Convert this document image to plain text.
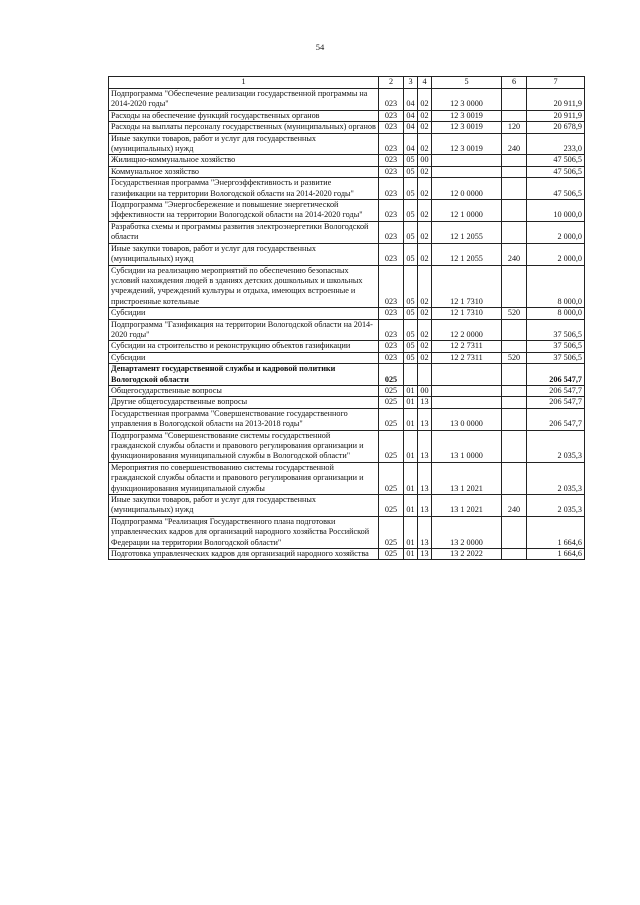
54
1	2	3	4	5	6	7
Подпрограмма "Обеспечение реализации государственной программы на 2014-2020 годы"	023	04	02	12 3 0000		20 911,9
Расходы на обеспечение функций государственных органов	023	04	02	12 3 0019		20 911,9
Расходы на выплаты персоналу государственных (муниципальных) органов	023	04	02	12 3 0019	120	20 678,9
Иные закупки товаров, работ и услуг для государственных (муниципальных) нужд	023	04	02	12 3 0019	240	233,0
Жилищно-коммунальное хозяйство	023	05	00			47 506,5
Коммунальное хозяйство	023	05	02			47 506,5
Государственная программа "Энергоэффективность и развитие газификации на территории Вологодской области на 2014-2020 годы"	023	05	02	12 0 0000		47 506,5
Подпрограмма "Энергосбережение и повышение энергетической эффективности на территории Вологодской области на 2014-2020 годы"	023	05	02	12 1 0000		10 000,0
Разработка схемы и программы развития электроэнергетики Вологодской области	023	05	02	12 1 2055		2 000,0
Иные закупки товаров, работ и услуг для государственных (муниципальных) нужд	023	05	02	12 1 2055	240	2 000,0
Субсидии на реализацию мероприятий по обеспечению безопасных условий нахождения людей в зданиях детских дошкольных и школьных учреждений, учреждений культуры и отдыха, имеющих встроенные и пристроенные котельные	023	05	02	12 1 7310		8 000,0
Субсидии	023	05	02	12 1 7310	520	8 000,0
Подпрограмма "Газификация на территории Вологодской области на 2014-2020 годы"	023	05	02	12 2 0000		37 506,5
Субсидии на строительство и реконструкцию объектов газификации	023	05	02	12 2 7311		37 506,5
Субсидии	023	05	02	12 2 7311	520	37 506,5
Департамент государственной службы и кадровой политики Вологодской области	025					206 547,7
Общегосударственные вопросы	025	01	00			206 547,7
Другие общегосударственные вопросы	025	01	13			206 547,7
Государственная программа "Совершенствование государственного управления в Вологодской области на 2013-2018 годы"	025	01	13	13 0 0000		206 547,7
Подпрограмма "Совершенствование системы государственной гражданской службы области и правового регулирования организации и функционирования муниципальной службы в Вологодской области"	025	01	13	13 1 0000		2 035,3
Мероприятия по совершенствованию системы государственной гражданской службы области и правового регулирования организации и функционирования муниципальной службы	025	01	13	13 1 2021		2 035,3
Иные закупки товаров, работ и услуг для государственных (муниципальных) нужд	025	01	13	13 1 2021	240	2 035,3
Подпрограмма "Реализация Государственного плана подготовки управленческих кадров для организаций народного хозяйства Российской Федерации на территории Вологодской области"	025	01	13	13 2 0000		1 664,6
Подготовка управленческих кадров для организаций народного хозяйства	025	01	13	13 2 2022		1 664,6
